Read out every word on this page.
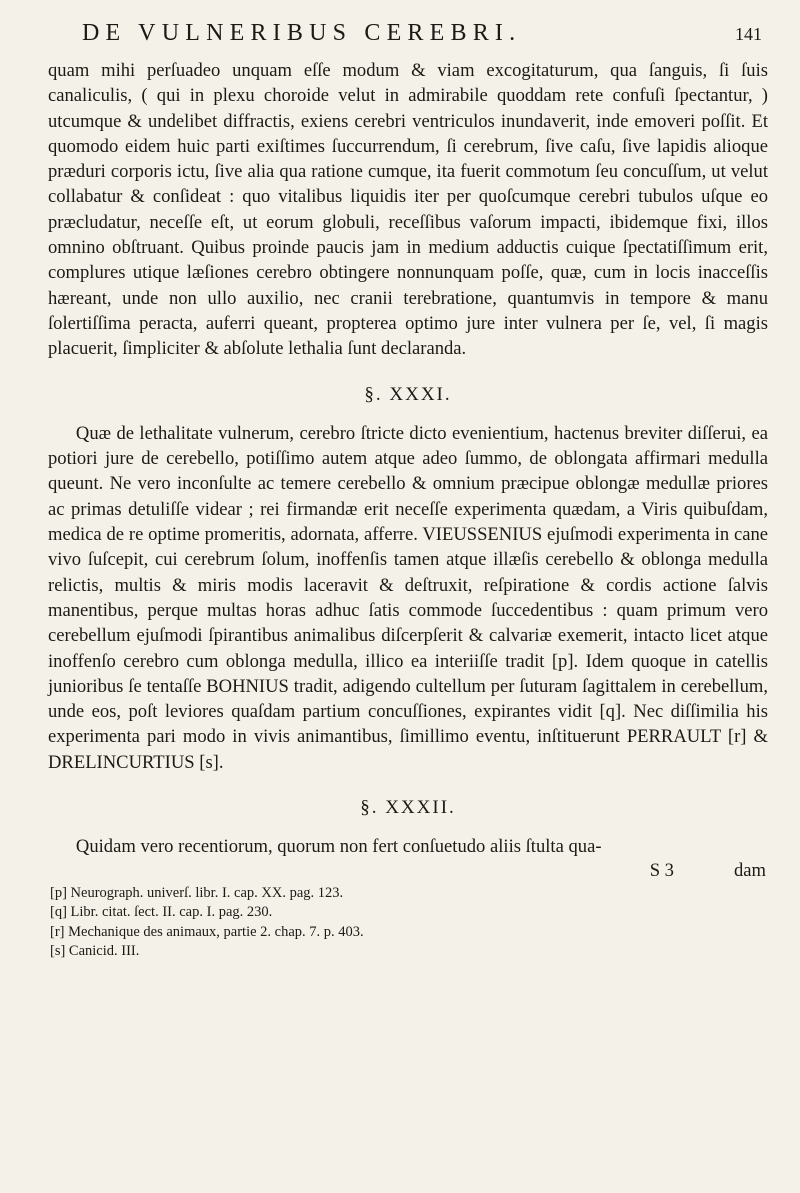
DE VULNERIBUS CEREBRI.	141

quam mihi perſuadeo unquam eſſe modum & viam excogitaturum, qua ſanguis, ſi ſuis canaliculis, ( qui in plexu choroide velut in admirabile quoddam rete confuſi ſpectantur, ) utcumque & undelibet diffractis, exiens cerebri ventriculos inundaverit, inde emoveri poſſit. Et quomodo eidem huic parti exiſtimes ſuccurrendum, ſi cerebrum, ſive caſu, ſive lapidis alioque præduri corporis ictu, ſive alia qua ratione cumque, ita fuerit commotum ſeu concuſſum, ut velut collabatur & conſideat : quo vitalibus liquidis iter per quoſcumque cerebri tubulos uſque eo præcludatur, neceſſe eſt, ut eorum globuli, receſſibus vaſorum impacti, ibidemque fixi, illos omnino obſtruant. Quibus proinde paucis jam in medium adductis cuique ſpectatiſſimum erit, complures utique læſiones cerebro obtingere nonnunquam poſſe, quæ, cum in locis inacceſſis hæreant, unde non ullo auxilio, nec cranii terebratione, quantumvis in tempore & manu ſolertiſſima peracta, auferri queant, propterea optimo jure inter vulnera per ſe, vel, ſi magis placuerit, ſimpliciter & abſolute lethalia ſunt declaranda.

§. XXXI.

Quæ de lethalitate vulnerum, cerebro ſtricte dicto evenientium, hactenus breviter diſſerui, ea potiori jure de cerebello, potiſſimo autem atque adeo ſummo, de oblongata affirmari medulla queunt. Ne vero inconſulte ac temere cerebello & omnium præcipue oblongæ medullæ priores ac primas detuliſſe videar ; rei firmandæ erit neceſſe experimenta quædam, a Viris quibuſdam, medica de re optime promeritis, adornata, afferre. VIEUSSENIUS ejuſmodi experimenta in cane vivo ſuſcepit, cui cerebrum ſolum, inoffenſis tamen atque illæſis cerebello & oblonga medulla relictis, multis & miris modis laceravit & deſtruxit, reſpiratione & cordis actione ſalvis manentibus, perque multas horas adhuc ſatis commode ſuccedentibus : quam primum vero cerebellum ejuſmodi ſpirantibus animalibus diſcerpſerit & calvariæ exemerit, intacto licet atque inoffenſo cerebro cum oblonga medulla, illico ea interiiſſe tradit [p]. Idem quoque in catellis junioribus ſe tentaſſe BOHNIUS tradit, adigendo cultellum per ſuturam ſagittalem in cerebellum, unde eos, poſt leviores quaſdam partium concuſſiones, expirantes vidit [q]. Nec diſſimilia his experimenta pari modo in vivis animantibus, ſimillimo eventu, inſtituerunt PERRAULT [r] & DRELINCURTIUS [s].

§. XXXII.

Quidam vero recentiorum, quorum non fert conſuetudo aliis ſtulta qua-

S 3	dam

[p] Neurograph. univerſ. libr. I. cap. XX. pag. 123.

[q] Libr. citat. ſect. II. cap. I. pag. 230.

[r] Mechanique des animaux, partie 2. chap. 7. p. 403.

[s] Canicid. III.
